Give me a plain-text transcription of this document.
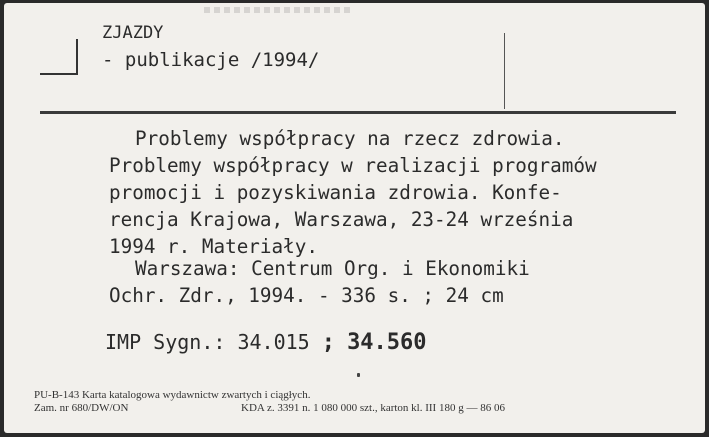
ZJAZDY
- publikacje /1994/
Problemy współpracy na rzecz zdrowia.
Problemy współpracy w realizacji programów
promocji i pozyskiwania zdrowia. Konfe-
rencja Krajowa, Warszawa, 23-24 września
1994 r. Materiały.
Warszawa: Centrum Org. i Ekonomiki
Ochr. Zdr., 1994. - 336 s. ; 24 cm
IMP Sygn.: 34.015 ; 34.560
PU-B-143 Karta katalogowa wydawnictw zwartych i ciągłych.
Zam. nr 680/DW/ON	KDA z. 3391 n. 1 080 000 szt., karton kl. III 180 g — 86 06
